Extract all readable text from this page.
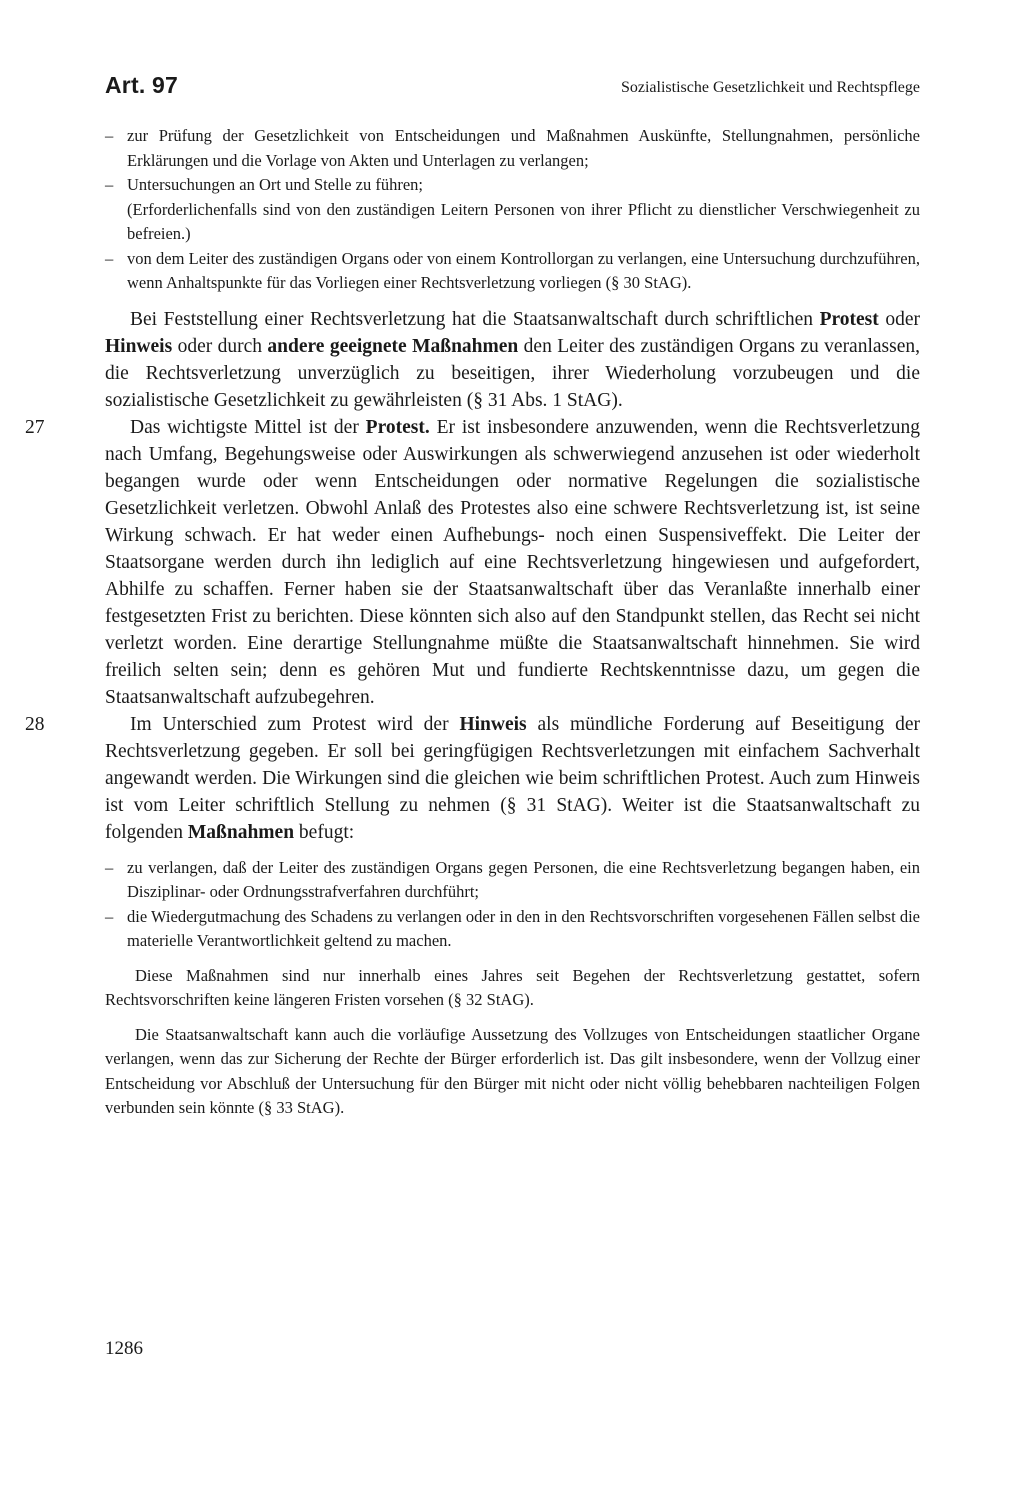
Art. 97	Sozialistische Gesetzlichkeit und Rechtspflege
– zur Prüfung der Gesetzlichkeit von Entscheidungen und Maßnahmen Auskünfte, Stellungnahmen, persönliche Erklärungen und die Vorlage von Akten und Unterlagen zu verlangen;
– Untersuchungen an Ort und Stelle zu führen;
(Erforderlichenfalls sind von den zuständigen Leitern Personen von ihrer Pflicht zu dienstlicher Verschwiegenheit zu befreien.)
– von dem Leiter des zuständigen Organs oder von einem Kontrollorgan zu verlangen, eine Untersuchung durchzuführen, wenn Anhaltspunkte für das Vorliegen einer Rechtsverletzung vorliegen (§ 30 StAG).

Bei Feststellung einer Rechtsverletzung hat die Staatsanwaltschaft durch schriftlichen Protest oder Hinweis oder durch andere geeignete Maßnahmen den Leiter des zuständigen Organs zu veranlassen, die Rechtsverletzung unverzüglich zu beseitigen, ihrer Wiederholung vorzubeugen und die sozialistische Gesetzlichkeit zu gewährleisten (§ 31 Abs. 1 StAG).

27	Das wichtigste Mittel ist der Protest. Er ist insbesondere anzuwenden, wenn die Rechtsverletzung nach Umfang, Begehungsweise oder Auswirkungen als schwerwiegend anzusehen ist oder wiederholt begangen wurde oder wenn Entscheidungen oder normative Regelungen die sozialistische Gesetzlichkeit verletzen. Obwohl Anlaß des Protestes also eine schwere Rechtsverletzung ist, ist seine Wirkung schwach. Er hat weder einen Aufhebungs- noch einen Suspensiveffekt. Die Leiter der Staatsorgane werden durch ihn lediglich auf eine Rechtsverletzung hingewiesen und aufgefordert, Abhilfe zu schaffen. Ferner haben sie der Staatsanwaltschaft über das Veranlaßte innerhalb einer festgesetzten Frist zu berichten. Diese könnten sich also auf den Standpunkt stellen, das Recht sei nicht verletzt worden. Eine derartige Stellungnahme müßte die Staatsanwaltschaft hinnehmen. Sie wird freilich selten sein; denn es gehören Mut und fundierte Rechtskenntnisse dazu, um gegen die Staatsanwaltschaft aufzubegehren.

28	Im Unterschied zum Protest wird der Hinweis als mündliche Forderung auf Beseitigung der Rechtsverletzung gegeben. Er soll bei geringfügigen Rechtsverletzungen mit einfachem Sachverhalt angewandt werden. Die Wirkungen sind die gleichen wie beim schriftlichen Protest. Auch zum Hinweis ist vom Leiter schriftlich Stellung zu nehmen (§ 31 StAG). Weiter ist die Staatsanwaltschaft zu folgenden Maßnahmen befugt:

– zu verlangen, daß der Leiter des zuständigen Organs gegen Personen, die eine Rechtsverletzung begangen haben, ein Disziplinar- oder Ordnungsstrafverfahren durchführt;
– die Wiedergutmachung des Schadens zu verlangen oder in den in den Rechtsvorschriften vorgesehenen Fällen selbst die materielle Verantwortlichkeit geltend zu machen.

Diese Maßnahmen sind nur innerhalb eines Jahres seit Begehen der Rechtsverletzung gestattet, sofern Rechtsvorschriften keine längeren Fristen vorsehen (§ 32 StAG).

Die Staatsanwaltschaft kann auch die vorläufige Aussetzung des Vollzuges von Entscheidungen staatlicher Organe verlangen, wenn das zur Sicherung der Rechte der Bürger erforderlich ist. Das gilt insbesondere, wenn der Vollzug einer Entscheidung vor Abschluß der Untersuchung für den Bürger mit nicht oder nicht völlig behebbaren nachteiligen Folgen verbunden sein könnte (§ 33 StAG).

1286
